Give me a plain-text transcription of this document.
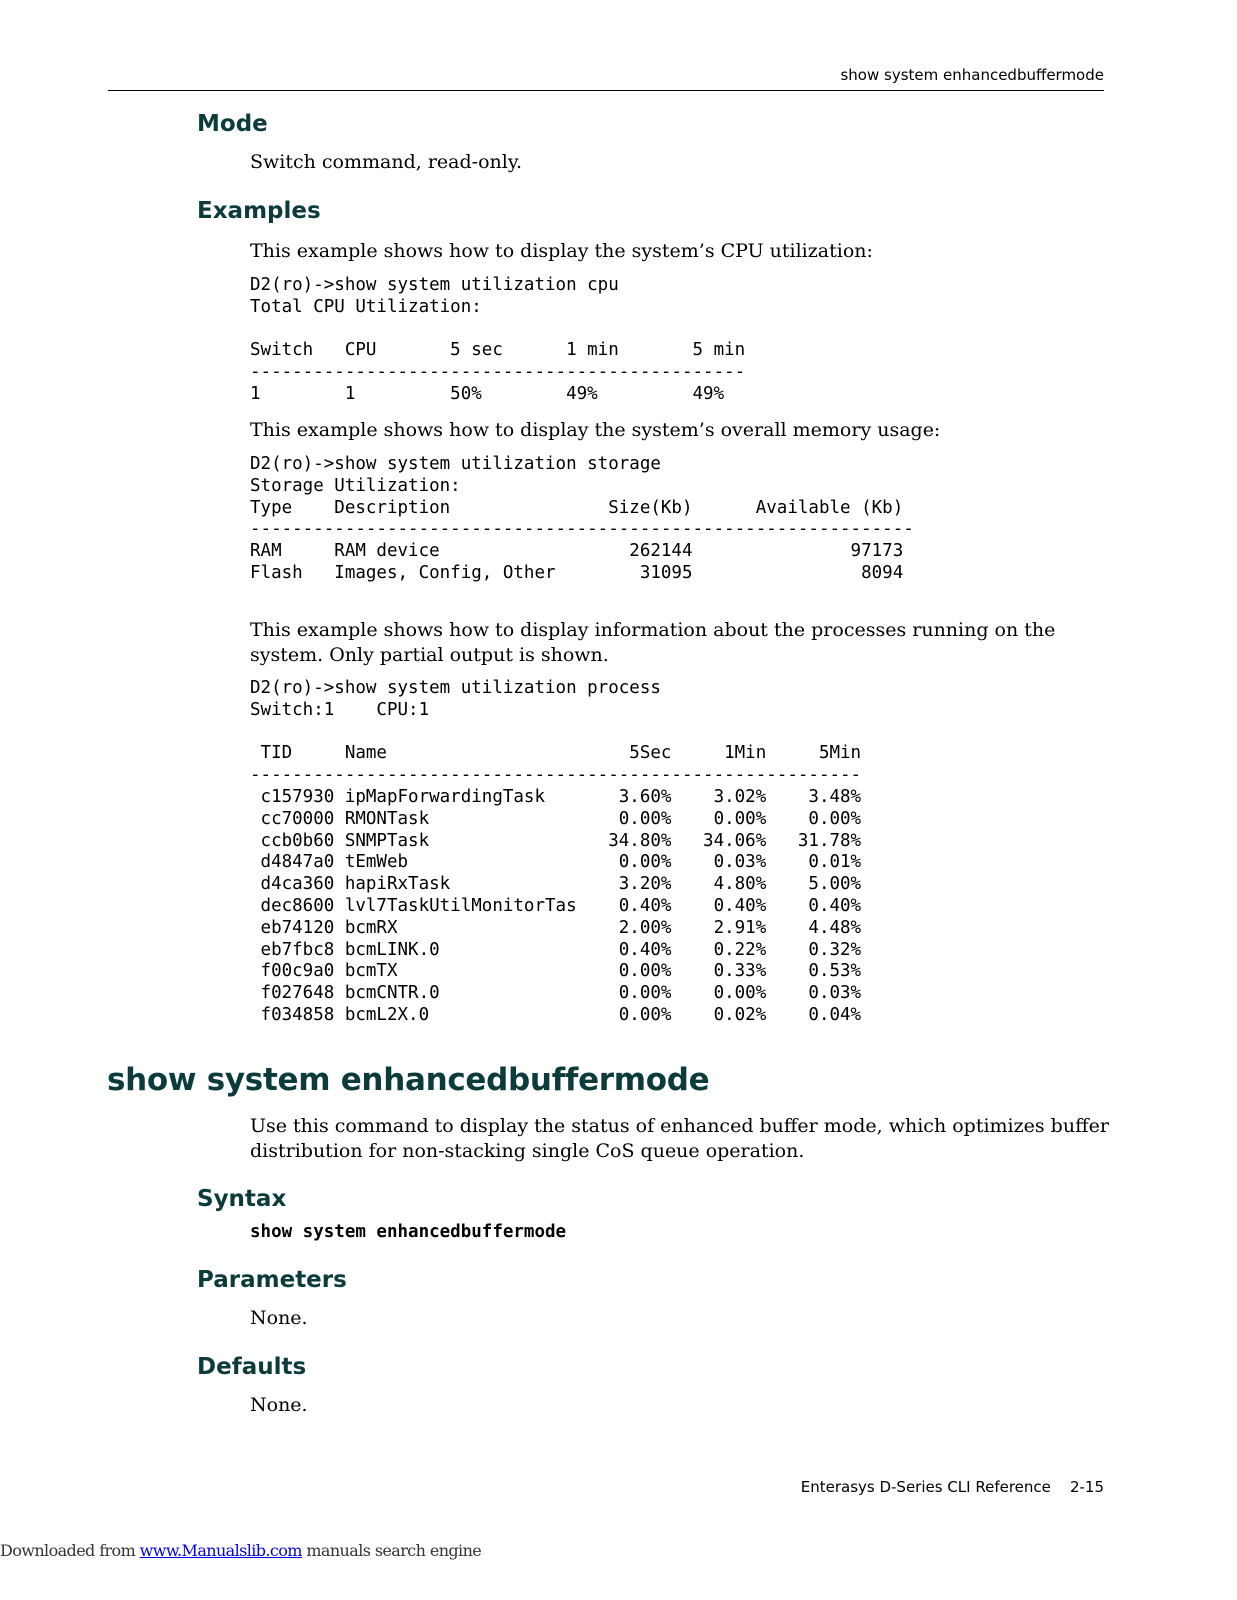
show system enhancedbuffermode
Mode

Switch command, read-only.

Examples

This example shows how to display the system’s CPU utilization:

D2(ro)->show system utilization cpu
Total CPU Utilization:

Switch   CPU       5 sec      1 min       5 min
-----------------------------------------------
1        1         50%        49%         49%

This example shows how to display the system’s overall memory usage:

D2(ro)->show system utilization storage
Storage Utilization:
Type    Description               Size(Kb)      Available (Kb)
---------------------------------------------------------------
RAM     RAM device                  262144               97173
Flash   Images, Config, Other        31095                8094

This example shows how to display information about the processes running on the system. Only partial output is shown.

D2(ro)->show system utilization process
Switch:1    CPU:1

TID     Name                       5Sec     1Min     5Min
----------------------------------------------------------
c157930 ipMapForwardingTask       3.60%    3.02%    3.48%
cc70000 RMONTask                  0.00%    0.00%    0.00%
ccb0b60 SNMPTask                 34.80%   34.06%   31.78%
d4847a0 tEmWeb                    0.00%    0.03%    0.01%
d4ca360 hapiRxTask                3.20%    4.80%    5.00%
dec8600 lvl7TaskUtilMonitorTas    0.40%    0.40%    0.40%
eb74120 bcmRX                     2.00%    2.91%    4.48%
eb7fbc8 bcmLINK.0                 0.40%    0.22%    0.32%
f00c9a0 bcmTX                     0.00%    0.33%    0.53%
f027648 bcmCNTR.0                 0.00%    0.00%    0.03%
f034858 bcmL2X.0                  0.00%    0.02%    0.04%
show system enhancedbuffermode

Use this command to display the status of enhanced buffer mode, which optimizes buffer distribution for non-stacking single CoS queue operation.

Syntax
show system enhancedbuffermode
Parameters

None.

Defaults

None.

Enterasys D-Series CLI Reference    2-15
Downloaded from www.Manualslib.com manuals search engine
